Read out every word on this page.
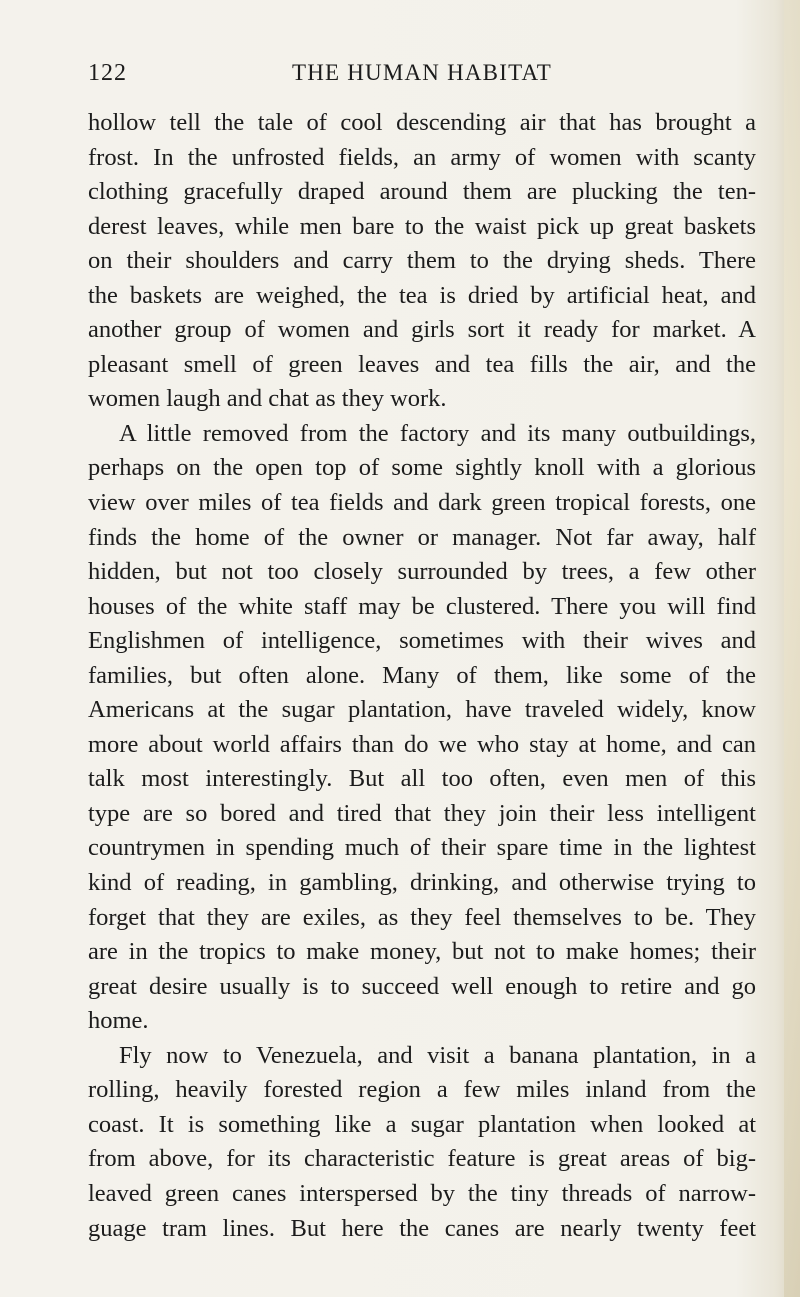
122	THE HUMAN HABITAT
hollow tell the tale of cool descending air that has brought a
frost. In the unfrosted fields, an army of women with scanty
clothing gracefully draped around them are plucking the ten-
derest leaves, while men bare to the waist pick up great baskets
on their shoulders and carry them to the drying sheds. There
the baskets are weighed, the tea is dried by artificial heat, and
another group of women and girls sort it ready for market. A
pleasant smell of green leaves and tea fills the air, and the
women laugh and chat as they work.
A little removed from the factory and its many outbuildings,
perhaps on the open top of some sightly knoll with a glorious
view over miles of tea fields and dark green tropical forests, one
finds the home of the owner or manager. Not far away, half
hidden, but not too closely surrounded by trees, a few other
houses of the white staff may be clustered. There you will find
Englishmen of intelligence, sometimes with their wives and
families, but often alone. Many of them, like some of the
Americans at the sugar plantation, have traveled widely, know
more about world affairs than do we who stay at home, and can
talk most interestingly. But all too often, even men of this
type are so bored and tired that they join their less intelligent
countrymen in spending much of their spare time in the lightest
kind of reading, in gambling, drinking, and otherwise trying to
forget that they are exiles, as they feel themselves to be. They
are in the tropics to make money, but not to make homes; their
great desire usually is to succeed well enough to retire and go
home.
Fly now to Venezuela, and visit a banana plantation, in a
rolling, heavily forested region a few miles inland from the
coast. It is something like a sugar plantation when looked at
from above, for its characteristic feature is great areas of big-
leaved green canes interspersed by the tiny threads of narrow-
guage tram lines. But here the canes are nearly twenty feet
